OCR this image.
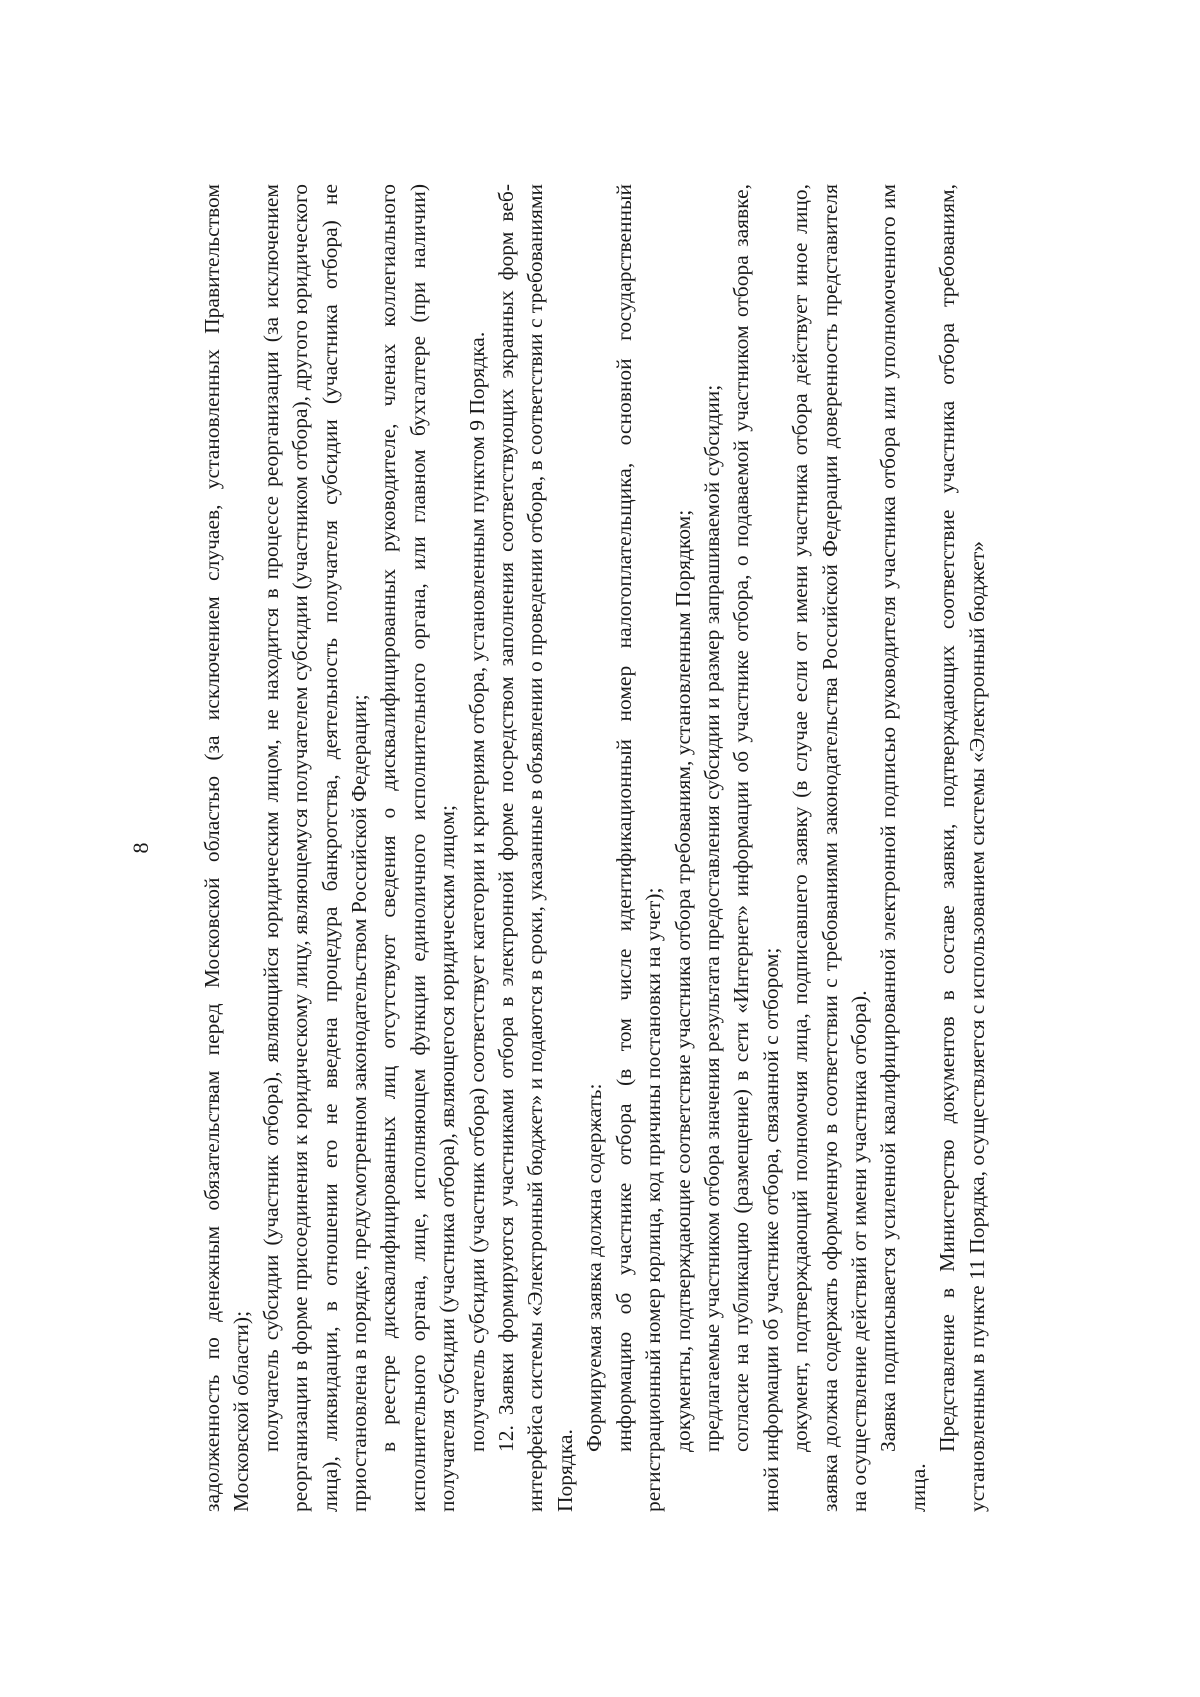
8 задолженность по денежным обязательствам перед Московской областью (за исключением случаев, установленных Правительством Московской области); получатель субсидии (участник отбора), являющийся юридическим лицом, не находится в процессе реорганизации (за исключением реорганизации в форме присоединения к юридическому лицу, являющемуся получателем субсидии (участником отбора), другого юридического лица), ликвидации, в отношении его не введена процедура банкротства, деятельность получателя субсидии (участника отбора) не приостановлена в порядке, предусмотренном законодательством Российской Федерации; в реестре дисквалифицированных лиц отсутствуют сведения о дисквалифицированных руководителе, членах коллегиального исполнительного органа, лице, исполняющем функции единоличного исполнительного органа, или главном бухгалтере (при наличии) получателя субсидии (участника отбора), являющегося юридическим лицом; получатель субсидии (участник отбора) соответствует категории и критериям отбора, установленным пунктом 9 Порядка. 12. Заявки формируются участниками отбора в электронной форме посредством заполнения соответствующих экранных форм веб-интерфейса системы «Электронный бюджет» и подаются в сроки, указанные в объявлении о проведении отбора, в соответствии с требованиями Порядка.

Формируемая заявка должна содержать: информацию об участнике отбора (в том числе идентификационный номер налогоплательщика, основной государственный регистрационный номер юрлица, код причины постановки на учет); документы, подтверждающие соответствие участника отбора требованиям, установленным Порядком; предлагаемые участником отбора значения результата предоставления субсидии и размер запрашиваемой субсидии; согласие на публикацию (размещение) в сети «Интернет» информации об участнике отбора, о подаваемой участником отбора заявке, иной информации об участнике отбора, связанной с отбором; документ, подтверждающий полномочия лица, подписавшего заявку (в случае если от имени участника отбора действует иное лицо, заявка должна содержать оформленную в соответствии с требованиями законодательства Российской Федерации доверенность представителя на осуществление действий от имени участника отбора). Заявка подписывается усиленной квалифицированной электронной подписью руководителя участника отбора или уполномоченного им лица.

Представление в Министерство документов в составе заявки, подтверждающих соответствие участника отбора требованиям, установленным в пункте 11 Порядка, осуществляется с использованием системы «Электронный бюджет»
